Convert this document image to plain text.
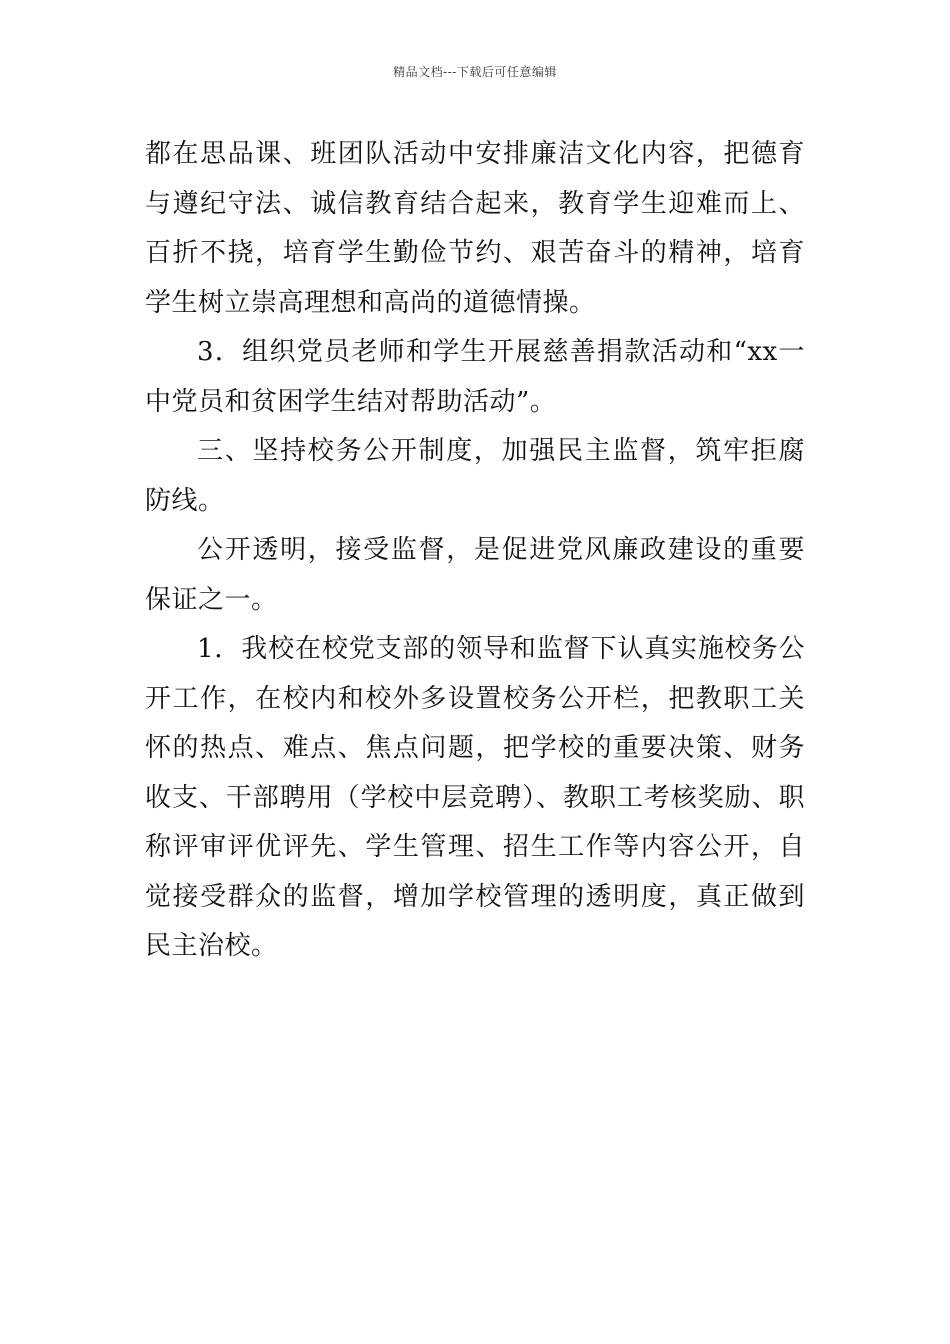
精品文档---下载后可任意编辑

都在思品课、班团队活动中安排廉洁文化内容，把德育与遵纪守法、诚信教育结合起来，教育学生迎难而上、百折不挠，培育学生勤俭节约、艰苦奋斗的精神，培育学生树立崇高理想和高尚的道德情操。

3．组织党员老师和学生开展慈善捐款活动和“xx一中党员和贫困学生结对帮助活动”。

三、坚持校务公开制度，加强民主监督，筑牢拒腐防线。

公开透明，接受监督，是促进党风廉政建设的重要保证之一。

1．我校在校党支部的领导和监督下认真实施校务公开工作，在校内和校外多设置校务公开栏，把教职工关怀的热点、难点、焦点问题，把学校的重要决策、财务收支、干部聘用（学校中层竞聘）、教职工考核奖励、职称评审评优评先、学生管理、招生工作等内容公开，自觉接受群众的监督，增加学校管理的透明度，真正做到民主治校。
